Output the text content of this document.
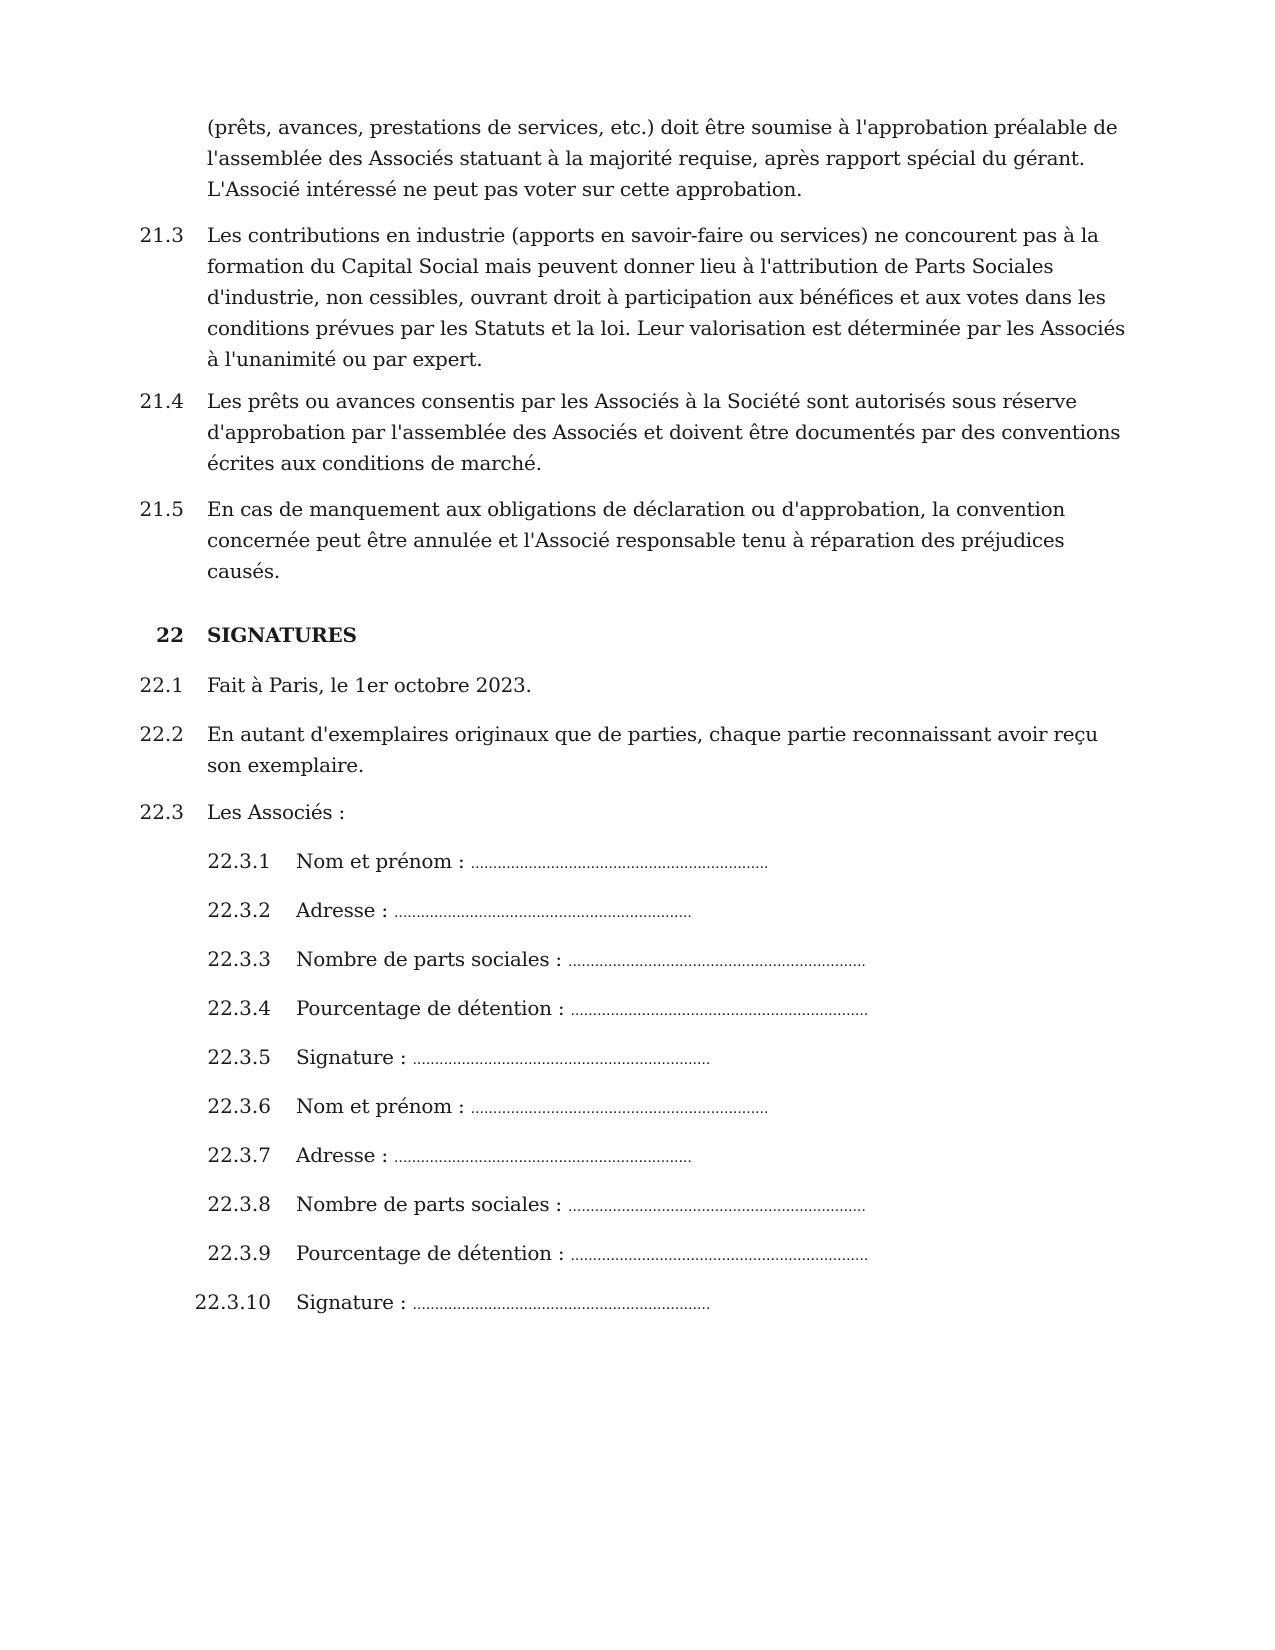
(prêts, avances, prestations de services, etc.) doit être soumise à l'approbation préalable de l'assemblée des Associés statuant à la majorité requise, après rapport spécial du gérant. L'Associé intéressé ne peut pas voter sur cette approbation.
21.3 Les contributions en industrie (apports en savoir-faire ou services) ne concourent pas à la formation du Capital Social mais peuvent donner lieu à l'attribution de Parts Sociales d'industrie, non cessibles, ouvrant droit à participation aux bénéfices et aux votes dans les conditions prévues par les Statuts et la loi. Leur valorisation est déterminée par les Associés à l'unanimité ou par expert.
21.4 Les prêts ou avances consentis par les Associés à la Société sont autorisés sous réserve d'approbation par l'assemblée des Associés et doivent être documentés par des conventions écrites aux conditions de marché.
21.5 En cas de manquement aux obligations de déclaration ou d'approbation, la convention concernée peut être annulée et l'Associé responsable tenu à réparation des préjudices causés.
22 SIGNATURES
22.1 Fait à Paris, le 1er octobre 2023.
22.2 En autant d'exemplaires originaux que de parties, chaque partie reconnaissant avoir reçu son exemplaire.
22.3 Les Associés :
22.3.1 Nom et prénom : ...................................................................
22.3.2 Adresse : ...................................................................
22.3.3 Nombre de parts sociales : ...................................................................
22.3.4 Pourcentage de détention : ...................................................................
22.3.5 Signature : ...................................................................
22.3.6 Nom et prénom : ...................................................................
22.3.7 Adresse : ...................................................................
22.3.8 Nombre de parts sociales : ...................................................................
22.3.9 Pourcentage de détention : ...................................................................
22.3.10 Signature : ...................................................................
